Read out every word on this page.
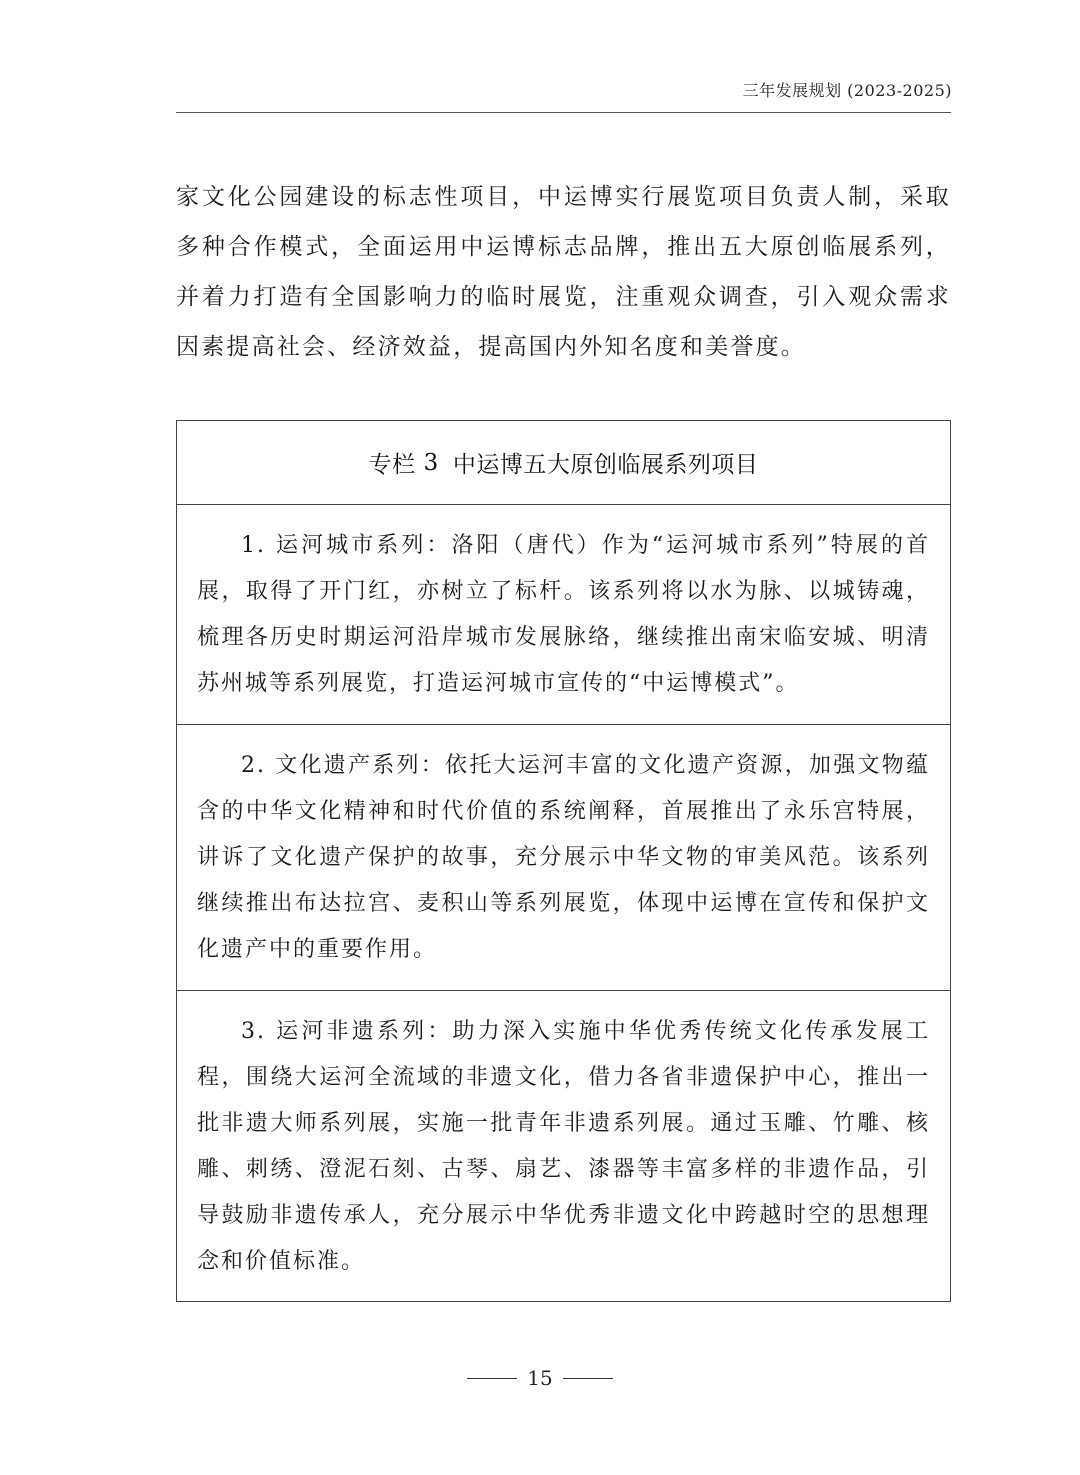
三年发展规划 (2023-2025)

家文化公园建设的标志性项目，中运博实行展览项目负责人制，采取多种合作模式，全面运用中运博标志品牌，推出五大原创临展系列，并着力打造有全国影响力的临时展览，注重观众调查，引入观众需求因素提高社会、经济效益，提高国内外知名度和美誉度。

专栏 3 中运博五大原创临展系列项目

1. 运河城市系列：洛阳（唐代）作为“运河城市系列”特展的首展，取得了开门红，亦树立了标杆。该系列将以水为脉、以城铸魂，梳理各历史时期运河沿岸城市发展脉络，继续推出南宋临安城、明清苏州城等系列展览，打造运河城市宣传的“中运博模式”。

2. 文化遗产系列：依托大运河丰富的文化遗产资源，加强文物蕴含的中华文化精神和时代价值的系统阐释，首展推出了永乐宫特展，讲诉了文化遗产保护的故事，充分展示中华文物的审美风范。该系列继续推出布达拉宫、麦积山等系列展览，体现中运博在宣传和保护文化遗产中的重要作用。

3. 运河非遗系列：助力深入实施中华优秀传统文化传承发展工程，围绕大运河全流域的非遗文化，借力各省非遗保护中心，推出一批非遗大师系列展，实施一批青年非遗系列展。通过玉雕、竹雕、核雕、刺绣、澄泥石刻、古琴、扇艺、漆器等丰富多样的非遗作品，引导鼓励非遗传承人，充分展示中华优秀非遗文化中跨越时空的思想理念和价值标准。

15
